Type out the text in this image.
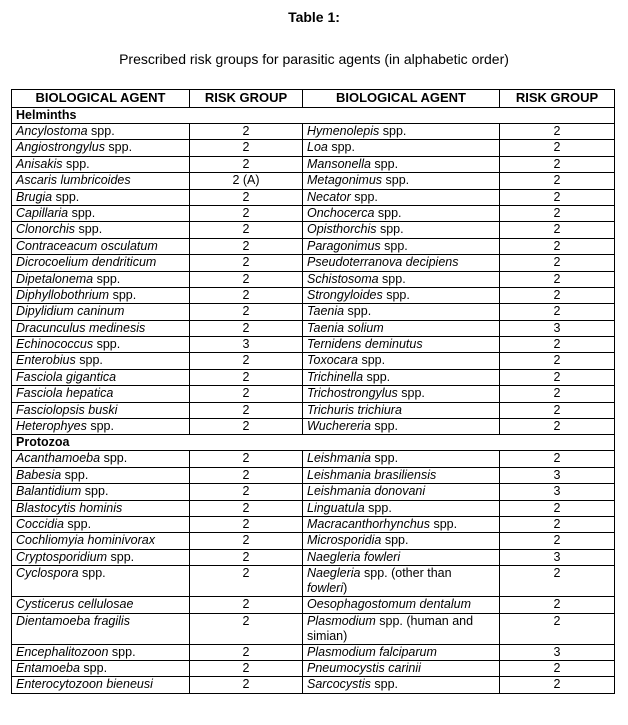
Table 1:
Prescribed risk groups for parasitic agents (in alphabetic order)
BIOLOGICAL AGENT	RISK GROUP	BIOLOGICAL AGENT	RISK GROUP
Helminths			
Ancylostoma spp.	2	Hymenolepis spp.	2
Angiostrongylus spp.	2	Loa spp.	2
Anisakis spp.	2	Mansonella spp.	2
Ascaris lumbricoides	2 (A)	Metagonimus spp.	2
Brugia spp.	2	Necator spp.	2
Capillaria spp.	2	Onchocerca spp.	2
Clonorchis spp.	2	Opisthorchis spp.	2
Contraceacum osculatum	2	Paragonimus spp.	2
Dicrocoelium dendriticum	2	Pseudoterranova decipiens	2
Dipetalonema spp.	2	Schistosoma spp.	2
Diphyllobothrium spp.	2	Strongyloides spp.	2
Dipylidium caninum	2	Taenia spp.	2
Dracunculus medinesis	2	Taenia solium	3
Echinococcus spp.	3	Ternidens deminutus	2
Enterobius spp.	2	Toxocara spp.	2
Fasciola gigantica	2	Trichinella spp.	2
Fasciola hepatica	2	Trichostrongylus spp.	2
Fasciolopsis buski	2	Trichuris trichiura	2
Heterophyes spp.	2	Wuchereria spp.	2
Protozoa			
Acanthamoeba spp.	2	Leishmania spp.	2
Babesia spp.	2	Leishmania brasiliensis	3
Balantidium spp.	2	Leishmania donovani	3
Blastocytis hominis	2	Linguatula spp.	2
Coccidia spp.	2	Macracanthorhynchus spp.	2
Cochliomyia hominivorax	2	Microsporidia spp.	2
Cryptosporidium spp.	2	Naegleria fowleri	3
Cyclospora spp.	2	Naegleria spp. (other than fowleri)	2
Cysticerus cellulosae	2	Oesophagostomum dentalum	2
Dientamoeba fragilis	2	Plasmodium spp. (human and simian)	2
Encephalitozoon spp.	2	Plasmodium falciparum	3
Entamoeba spp.	2	Pneumocystis carinii	2
Enterocytozoon bieneusi	2	Sarcocystis spp.	2
